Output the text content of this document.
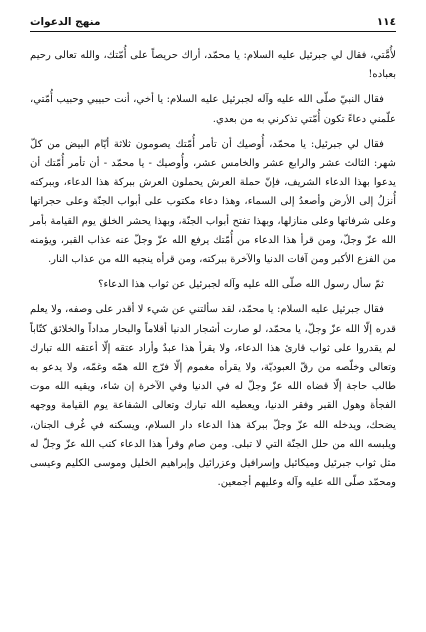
١١٤
منهج الدعوات

لأُمَّتي، فقال لي جبرئيل عليه السلام: يا محمّد، أراك حريصاً على أُمّتك، والله تعالى رحيم بعباده!

فقال النبيّ صلّى الله عليه وآله لجبرئيل عليه السلام: يا أخي، أنت حبيبي وحبيب أُمّتي، علّمني دعاءً تكون أُمّتي تذكرني به من بعدي.

فقال لي جبرئيل: يا محمّد، أُوصيك أن تأمر أُمّتك يصومون ثلاثة أيّام البيض من كلّ شهر: الثالث عشر والرابع عشر والخامس عشر، وأُوصيك - يا محمّد - أن تأمر أُمّتك أن يدعوا بهذا الدعاء الشريف، فإنّ حملة العرش يحملون العرش ببركة هذا الدعاء، وببركته أُنزلُ إلى الأرض وأصعدُ إلى السماء، وهذا دعاء مكتوب على أبواب الجنّة وعلى حجراتها وعلى شرفاتها وعلى منازلها، وبهذا تفتح أبواب الجنّة، وبهذا يحشر الخلق يوم القيامة بأمر الله عزّ وجلّ، ومن قرأ هذا الدعاء من أُمّتك يرفع الله عزّ وجلّ عنه عذاب القبر، ويؤمنه من الفزع الأكبر ومن آفات الدنيا والآخرة ببركته، ومن قرأه ينجيه الله من عذاب النار.

ثمّ سأل رسول الله صلّى الله عليه وآله لجبرئيل عن ثواب هذا الدعاء؟

فقال جبرئيل عليه السلام: يا محمّد، لقد سألتني عن شيء لا أقدر على وصفه، ولا يعلم قدره إلّا الله عزّ وجلّ، يا محمّد، لو صارت أشجار الدنيا أقلاماً والبحار مداداً والخلائق كتّاباً لم يقدروا على ثواب قارئ هذا الدعاء، ولا يقرأ هذا عبدٌ وأراد عتقه إلّا أعتقه الله تبارك وتعالى وخلّصه من رقّ العبوديّة، ولا يقرأه مغموم إلّا فرّج الله همّه وغمّه، ولا يدعو به طالب حاجة إلّا قضاه الله عزّ وجلّ له في الدنيا وفي الآخرة إن شاء، ويقيه الله موت الفجأة وهول القبر وفقر الدنيا، ويعطيه الله تبارك وتعالى الشفاعة يوم القيامة ووجهه يضحك، ويدخله الله عزّ وجلّ ببركة هذا الدعاء دار السلام، ويسكنه في غُرف الجنان، ويلبسه الله من حلل الجنّة التي لا تبلى. ومن صام وقرأ هذا الدعاء كتب الله عزّ وجلّ له مثل ثواب جبرئيل وميكائيل وإسرافيل وعزرائيل وإبراهيم الخليل وموسى الكليم وعيسى ومحمّد صلّى الله عليه وآله وعليهم أجمعين.
